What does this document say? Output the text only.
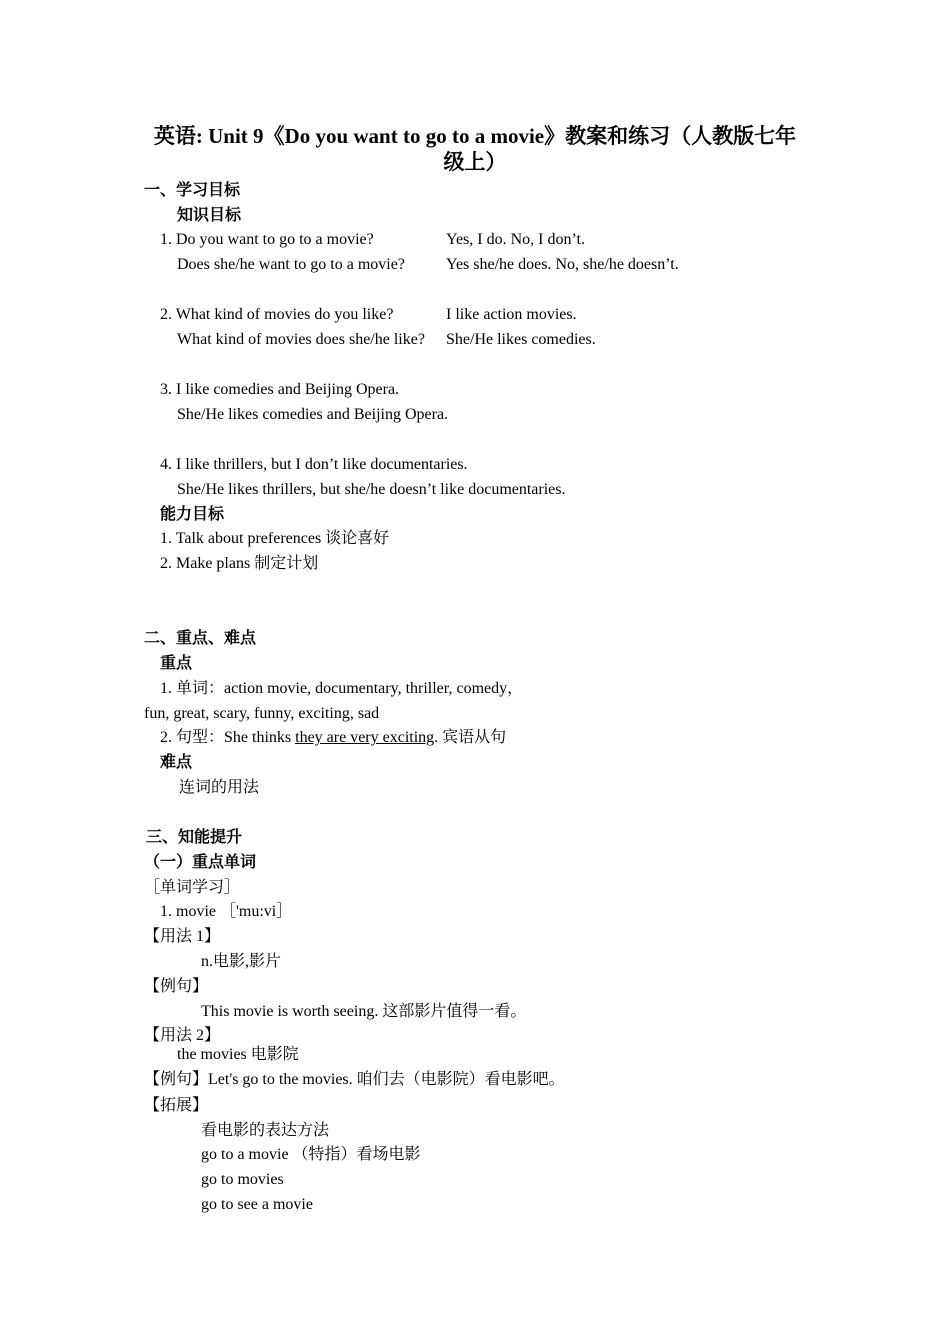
英语: Unit 9《Do you want to go to a movie》教案和练习（人教版七年
级上）
一、学习目标
知识目标
1. Do you want to go to a movie?	Yes, I do. No, I don’t.
Does she/he want to go to a movie?	Yes she/he does. No, she/he doesn’t.
2. What kind of movies do you like?	I like action movies.
What kind of movies does she/he like? She/He likes comedies.
3. I like comedies and Beijing Opera.
She/He likes comedies and Beijing Opera.
4. I like thrillers, but I don’t like documentaries.
She/He likes thrillers, but she/he doesn’t like documentaries.
能力目标
1. Talk about preferences 谈论喜好
2. Make plans 制定计划
二、重点、难点
重点
1. 单词：action movie, documentary, thriller, comedy，
fun, great, scary, funny, exciting, sad
2. 句型：She thinks they are very exciting. 宾语从句
难点
连词的用法
三、知能提升
（一）重点单词
［单词学习］
1. movie ［'mu:vi］
【用法 1】
n.电影,影片
【例句】
This movie is worth seeing. 这部影片值得一看。
【用法 2】
the movies 电影院
【例句】Let's go to the movies. 咱们去（电影院）看电影吧。
【拓展】
看电影的表达方法
go to a movie （特指）看场电影
go to movies
go to see a movie
